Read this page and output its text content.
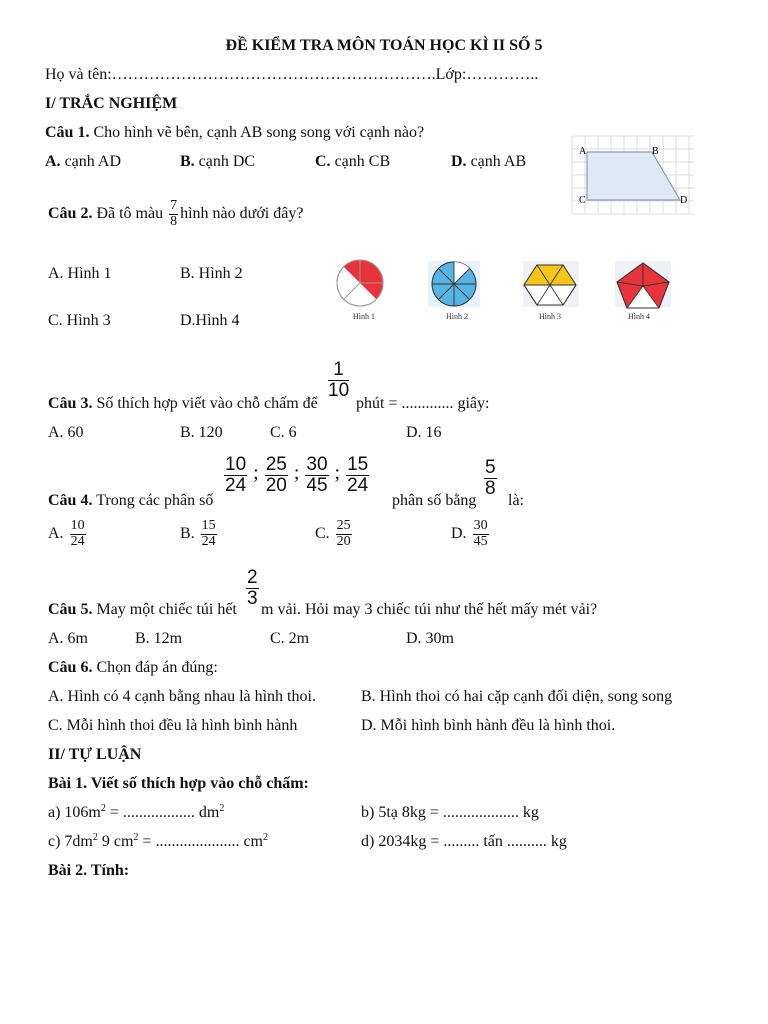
ĐỀ KIỂM TRA MÔN TOÁN HỌC KÌ II SỐ 5
Họ và tên:…………………………………………………….Lớp:…………..
I/ TRẮC NGHIỆM
Câu 1. Cho hình vẽ bên, cạnh AB song song với cạnh nào?
A. cạnh AD	B. cạnh DC	C. cạnh CB	D. cạnh AB
A	B
C	D
Câu 2. Đã tô màu $\frac{7}{8}$ hình nào dưới đây?
A. Hình 1	B. Hình 2
C. Hình 3	D.Hình 4	Hình 1	Hình 2	Hình 3	Hình 4
Câu 3. Số thích hợp viết vào chỗ chấm để
$\frac{1}{10}$
phút = ............. giây:
A. 60	B. 120	C. 6	D. 16
Câu 4. Trong các phân số
$\frac{10}{24}$ ; $\frac{25}{20}$ ; $\frac{30}{45}$ ; $\frac{15}{24}$
phân số bằng
$\frac{5}{8}$
là:
A. $\frac{10}{24}$	B. $\frac{15}{24}$	C. $\frac{25}{20}$	D. $\frac{30}{45}$
Câu 5. May một chiếc túi hết
$\frac{2}{3}$
m vải. Hỏi may 3 chiếc túi như thế hết mấy mét vải?
A. 6m	B. 12m	C. 2m	D. 30m
Câu 6. Chọn đáp án đúng:
A. Hình có 4 cạnh bằng nhau là hình thoi.	B. Hình thoi có hai cặp cạnh đối diện, song song
C. Mỗi hình thoi đều là hình bình hành	D. Mỗi hình bình hành đều là hình thoi.
II/ TỰ LUẬN
Bài 1. Viết số thích hợp vào chỗ chấm:
a) $106m^2$ = .................. $dm^2$	b) 5tạ 8kg = ................... kg
c) $7dm^2$ 9 $cm^2$ = ..................... $cm^2$	d) 2034kg = ......... tấn .......... kg
Bài 2. Tính:
